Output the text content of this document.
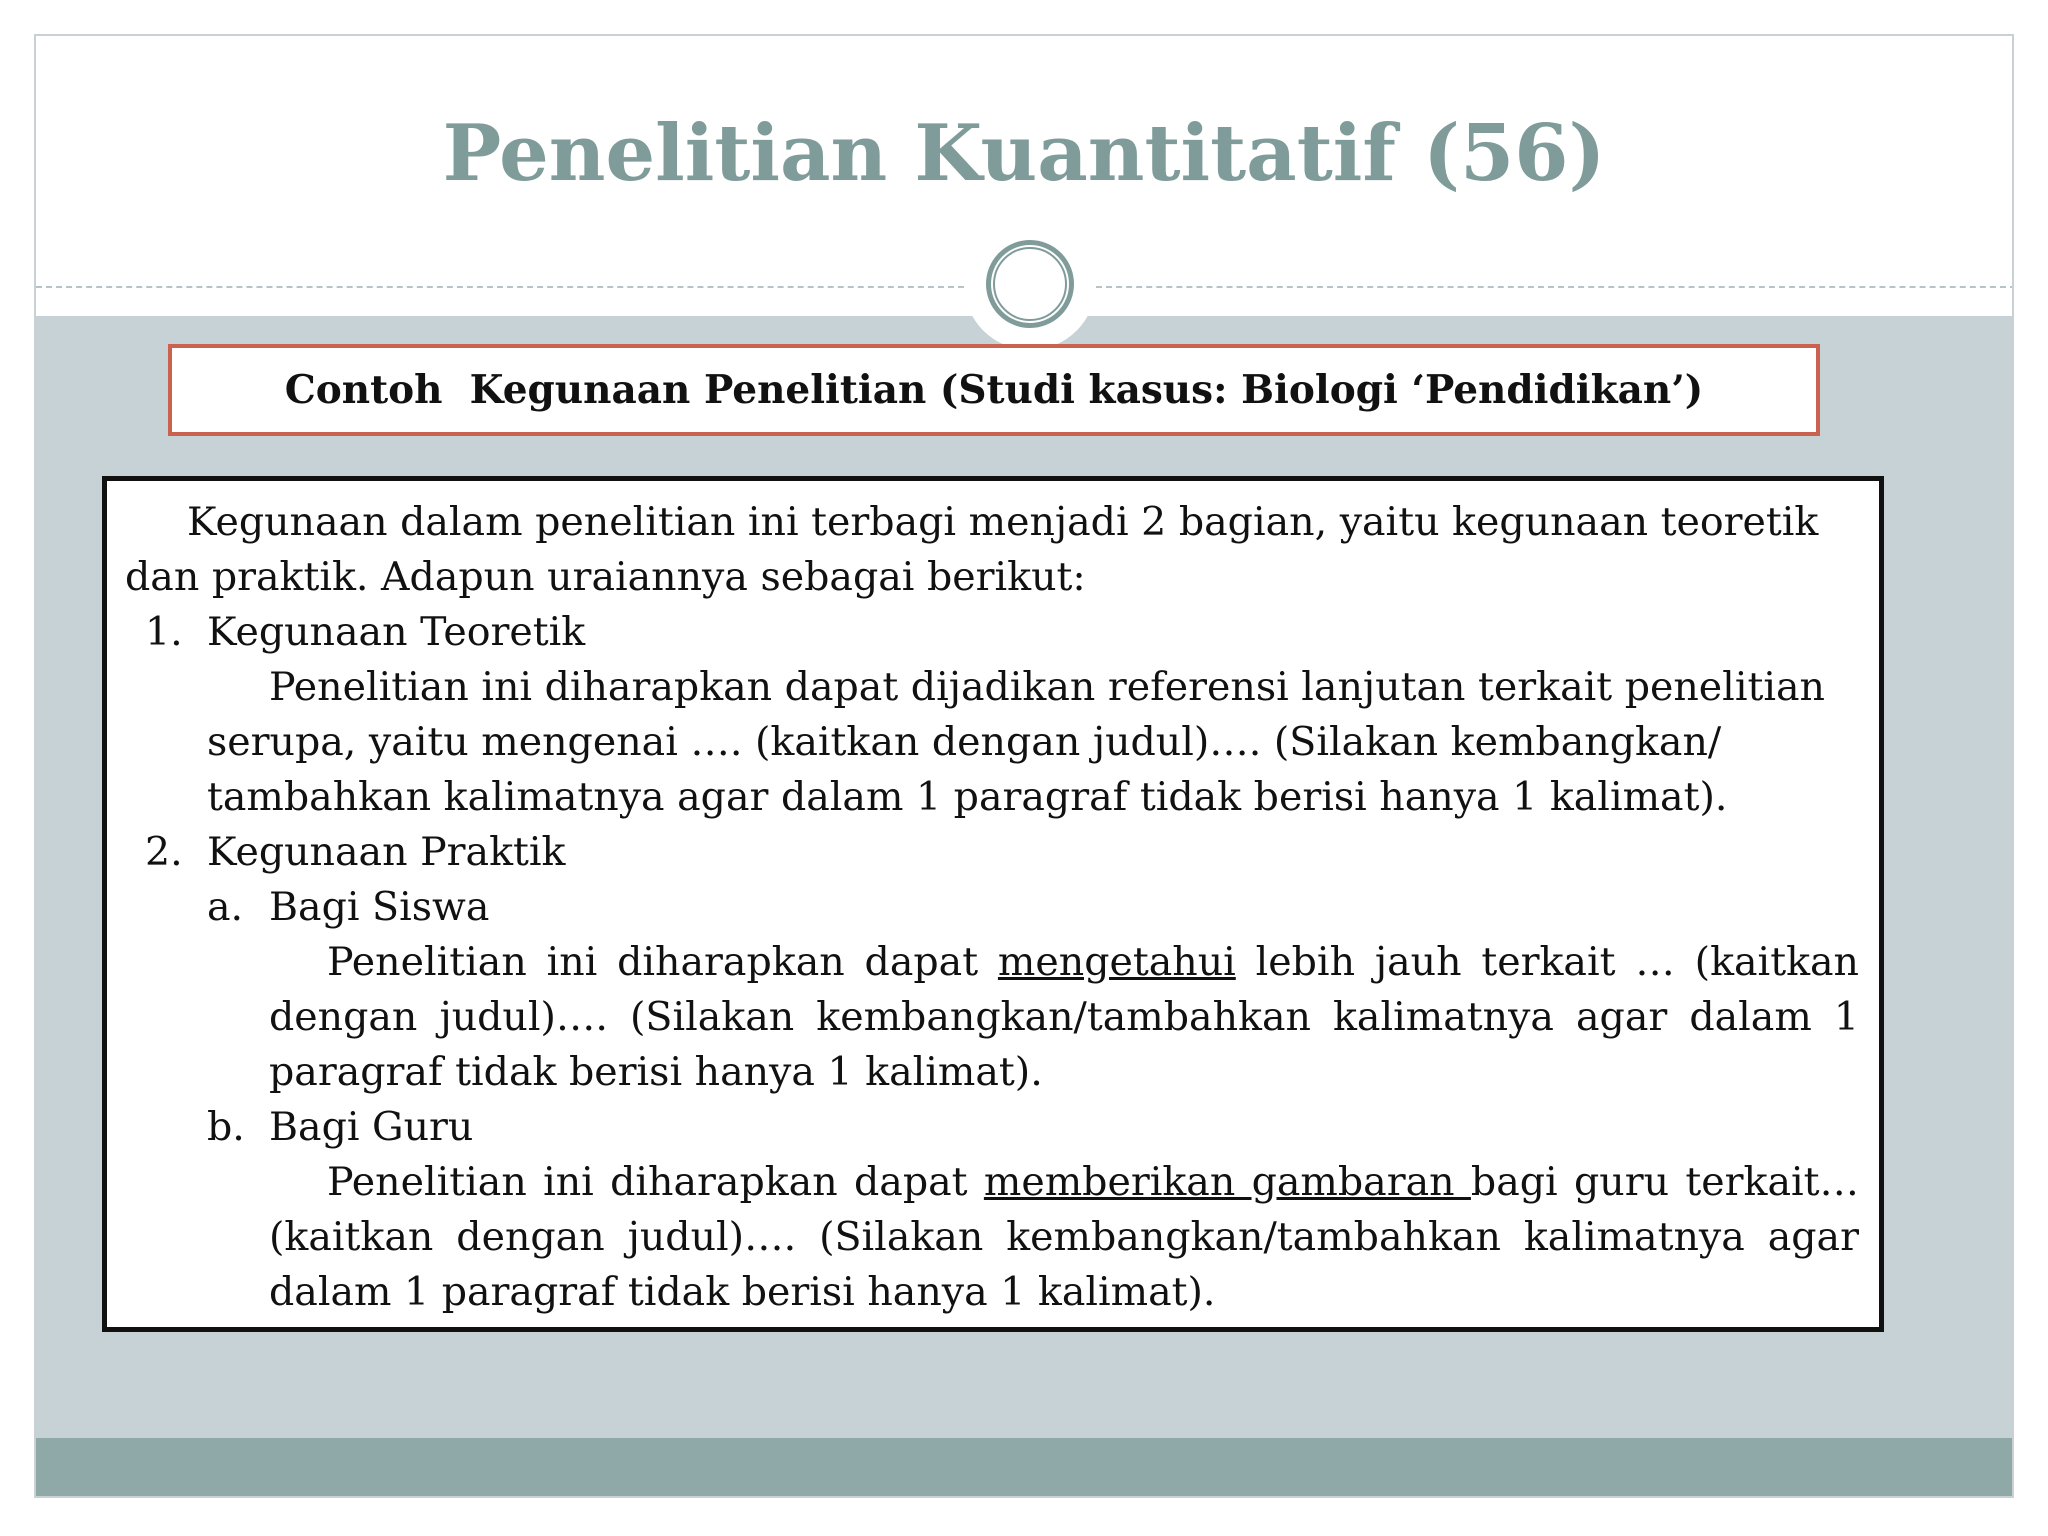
Penelitian Kuantitatif (56)
Contoh  Kegunaan Penelitian (Studi kasus: Biologi ‘Pendidikan’)

Kegunaan dalam penelitian ini terbagi menjadi 2 bagian, yaitu kegunaan teoretik dan praktik. Adapun uraiannya sebagai berikut:

1. Kegunaan Teoretik

Penelitian ini diharapkan dapat dijadikan referensi lanjutan terkait penelitian serupa, yaitu mengenai …. (kaitkan dengan judul)…. (Silakan kembangkan/ tambahkan kalimatnya agar dalam 1 paragraf tidak berisi hanya 1 kalimat).

2. Kegunaan Praktik
a. Bagi Siswa

Penelitian ini diharapkan dapat mengetahui lebih jauh terkait … (kaitkan dengan judul)…. (Silakan kembangkan/tambahkan kalimatnya agar dalam 1 paragraf tidak berisi hanya 1 kalimat).

b. Bagi Guru

Penelitian ini diharapkan dapat memberikan gambaran bagi guru terkait… (kaitkan dengan judul)…. (Silakan kembangkan/tambahkan kalimatnya agar dalam 1 paragraf tidak berisi hanya 1 kalimat).
